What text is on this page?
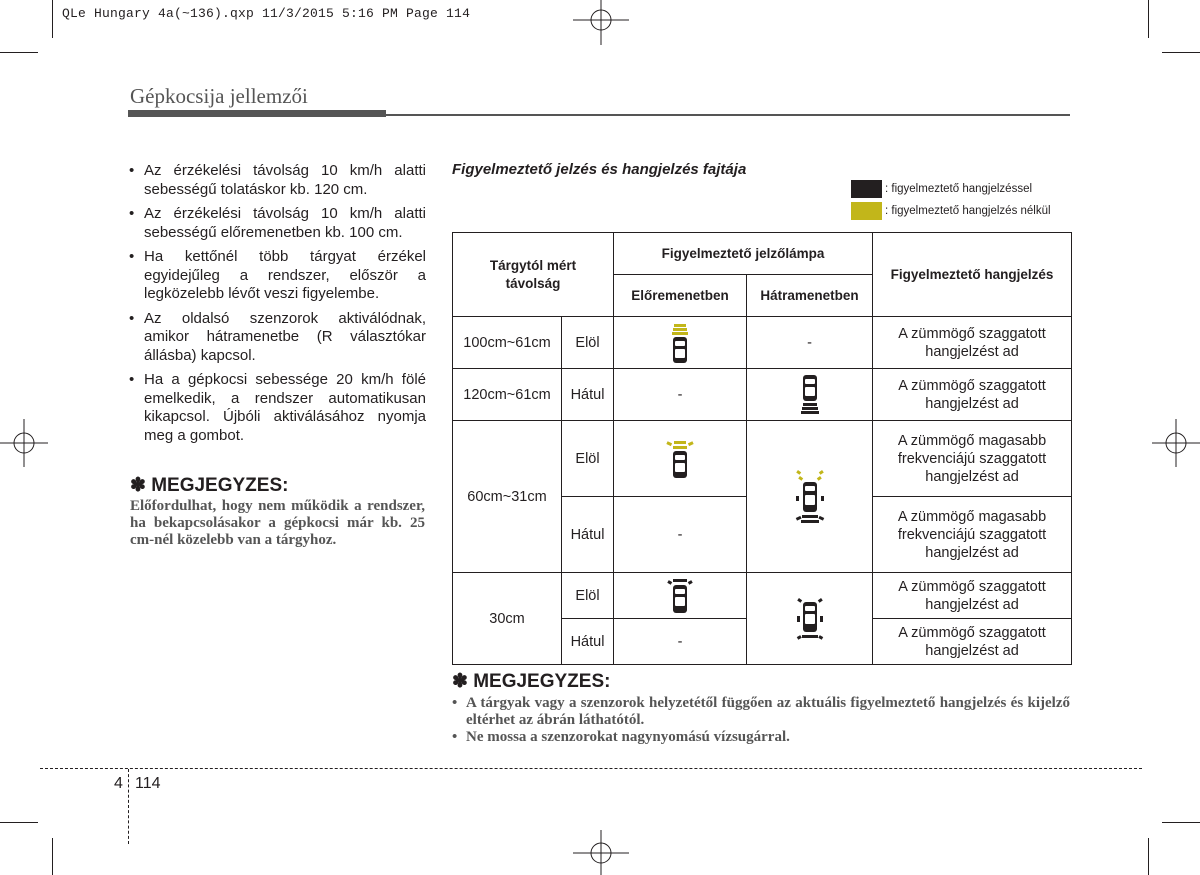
QLe Hungary 4a(~136).qxp 11/3/2015 5:16 PM Page 114
Gépkocsija jellemzői
• Az érzékelési távolság 10 km/h alatti sebességű tolatáskor kb. 120 cm.
• Az érzékelési távolság 10 km/h alatti sebességű előremenetben kb. 100 cm.
• Ha kettőnél több tárgyat érzékel egyidejűleg a rendszer, először a legközelebb lévőt veszi figyelembe.
• Az oldalsó szenzorok aktiválódnak, amikor hátramenetbe (R választókar állásba) kapcsol.
• Ha a gépkocsi sebessége 20 km/h fölé emelkedik, a rendszer automatikusan kikapcsol. Újbóli aktiválásához nyomja meg a gombot.
✽ MEGJEGYZES:

Előfordulhat, hogy nem működik a rendszer, ha bekapcsolásakor a gépkocsi már kb. 25 cm-nél közelebb van a tárgyhoz.

Figyelmeztető jelzés és hangjelzés fajtája
: figyelmeztető hangjelzéssel
: figyelmeztető hangjelzés nélkül
Tárgytól mért távolság		Figyelmeztető jelzőlámpa		Figyelmeztető hangjelzés
		Előremenetben	Hátramenetben	
100cm~61cm	Elöl		-	A zümmögő szaggatott hangjelzést ad
120cm~61cm	Hátul	-		A zümmögő szaggatott hangjelzést ad
60cm~31cm	Elöl			A zümmögő magasabb frekvenciájú szaggatott hangjelzést ad
	Hátul	-		A zümmögő magasabb frekvenciájú szaggatott hangjelzést ad
30cm	Elöl			A zümmögő szaggatott hangjelzést ad
	Hátul	-		A zümmögő szaggatott hangjelzést ad
✽ MEGJEGYZES:
• A tárgyak vagy a szenzorok helyzetétől függően az aktuális figyelmeztető hangjelzés és kijelző eltérhet az ábrán láthatótól.
• Ne mossa a szenzorokat nagynyomású vízsugárral.
4 114
